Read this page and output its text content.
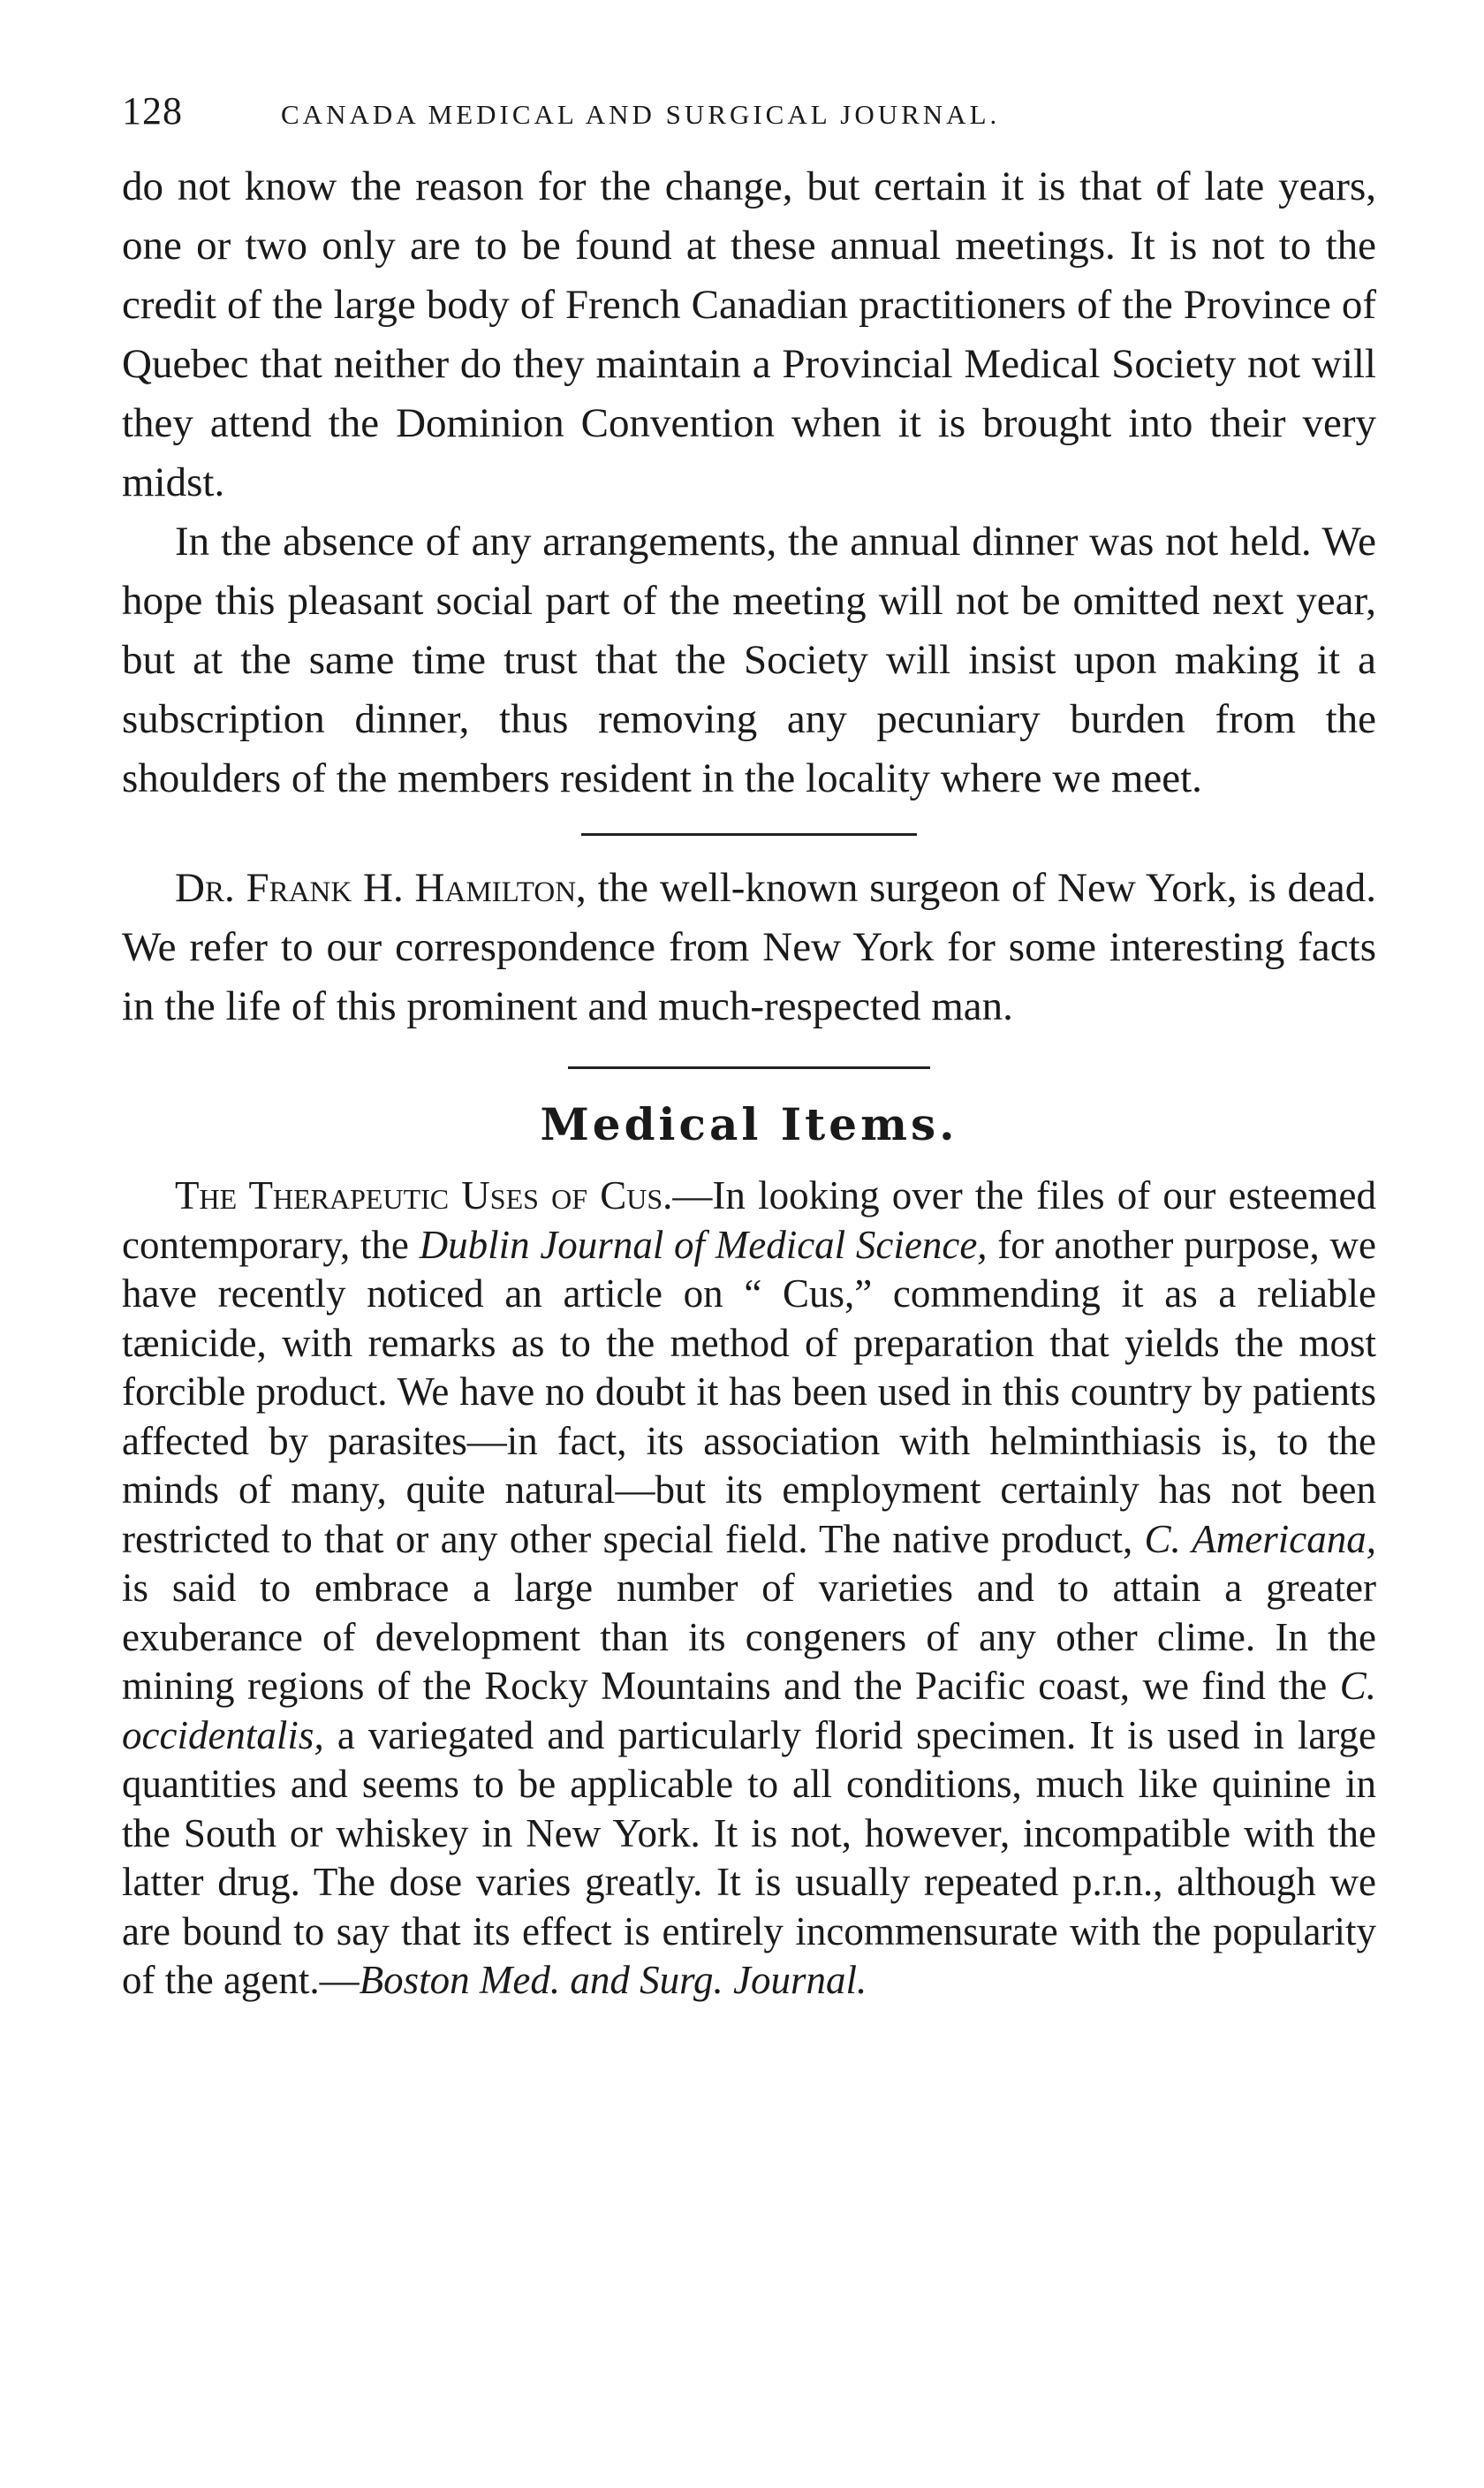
128	CANADA MEDICAL AND SURGICAL JOURNAL.

do not know the reason for the change, but certain it is that of late years, one or two only are to be found at these annual meetings. It is not to the credit of the large body of French Canadian practitioners of the Province of Quebec that neither do they maintain a Provincial Medical Society not will they attend the Dominion Convention when it is brought into their very midst.

In the absence of any arrangements, the annual dinner was not held. We hope this pleasant social part of the meeting will not be omitted next year, but at the same time trust that the Society will insist upon making it a subscription dinner, thus removing any pecuniary burden from the shoulders of the members resident in the locality where we meet.

Dr. Frank H. Hamilton, the well-known surgeon of New York, is dead. We refer to our correspondence from New York for some interesting facts in the life of this prominent and much-respected man.

Medical Items.

The Therapeutic Uses of Cus.—In looking over the files of our esteemed contemporary, the Dublin Journal of Medical Science, for another purpose, we have recently noticed an article on “ Cus,” commending it as a reliable tænicide, with remarks as to the method of preparation that yields the most forcible product. We have no doubt it has been used in this country by patients affected by parasites—in fact, its association with helminthiasis is, to the minds of many, quite natural—but its employment certainly has not been restricted to that or any other special field. The native product, C. Americana, is said to embrace a large number of varieties and to attain a greater exuberance of development than its congeners of any other clime. In the mining regions of the Rocky Mountains and the Pacific coast, we find the C. occidentalis, a variegated and particularly florid specimen. It is used in large quantities and seems to be applicable to all conditions, much like quinine in the South or whiskey in New York. It is not, however, incompatible with the latter drug. The dose varies greatly. It is usually repeated p.r.n., although we are bound to say that its effect is entirely incommensurate with the popularity of the agent.—Boston Med. and Surg. Journal.
